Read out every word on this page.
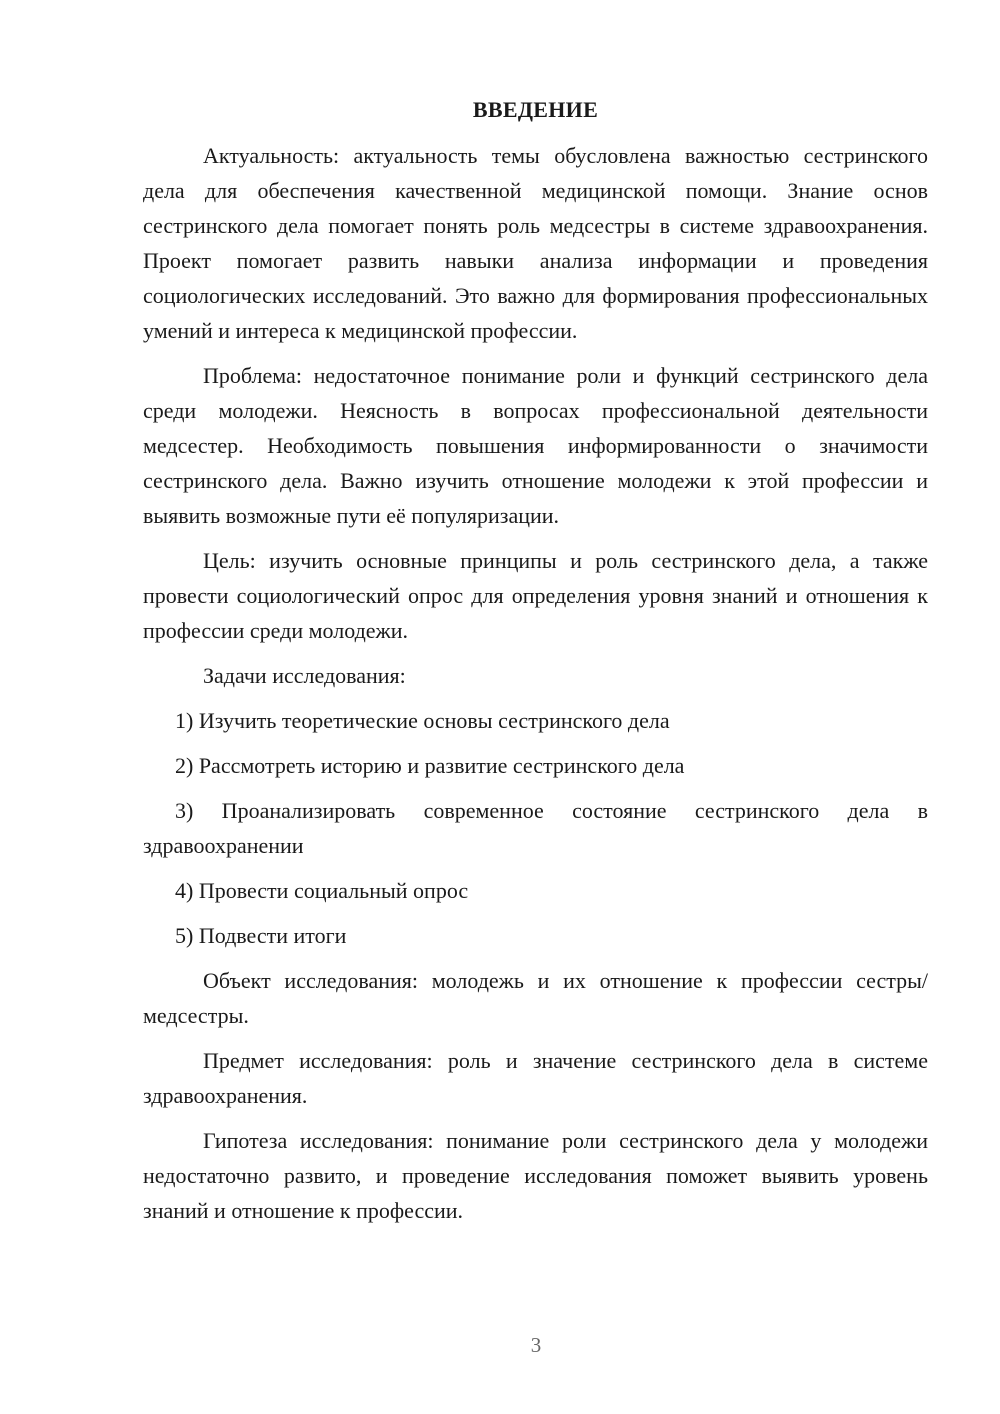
ВВЕДЕНИЕ

Актуальность: актуальность темы обусловлена важностью сестринского дела для обеспечения качественной медицинской помощи. Знание основ сестринского дела помогает понять роль медсестры в системе здравоохранения. Проект помогает развить навыки анализа информации и проведения социологических исследований. Это важно для формирования профессиональных умений и интереса к медицинской профессии.

Проблема: недостаточное понимание роли и функций сестринского дела среди молодежи. Неясность в вопросах профессиональной деятельности медсестер. Необходимость повышения информированности о значимости сестринского дела. Важно изучить отношение молодежи к этой профессии и выявить возможные пути её популяризации.

Цель: изучить основные принципы и роль сестринского дела, а также провести социологический опрос для определения уровня знаний и отношения к профессии среди молодежи.

Задачи исследования:

1) Изучить теоретические основы сестринского дела

2) Рассмотреть историю и развитие сестринского дела

3) Проанализировать современное состояние сестринского дела в здравоохранении

4) Провести социальный опрос

5) Подвести итоги

Объект исследования: молодежь и их отношение к профессии сестры/медсестры.

Предмет исследования: роль и значение сестринского дела в системе здравоохранения.

Гипотеза исследования: понимание роли сестринского дела у молодежи недостаточно развито, и проведение исследования поможет выявить уровень знаний и отношение к профессии.

3
